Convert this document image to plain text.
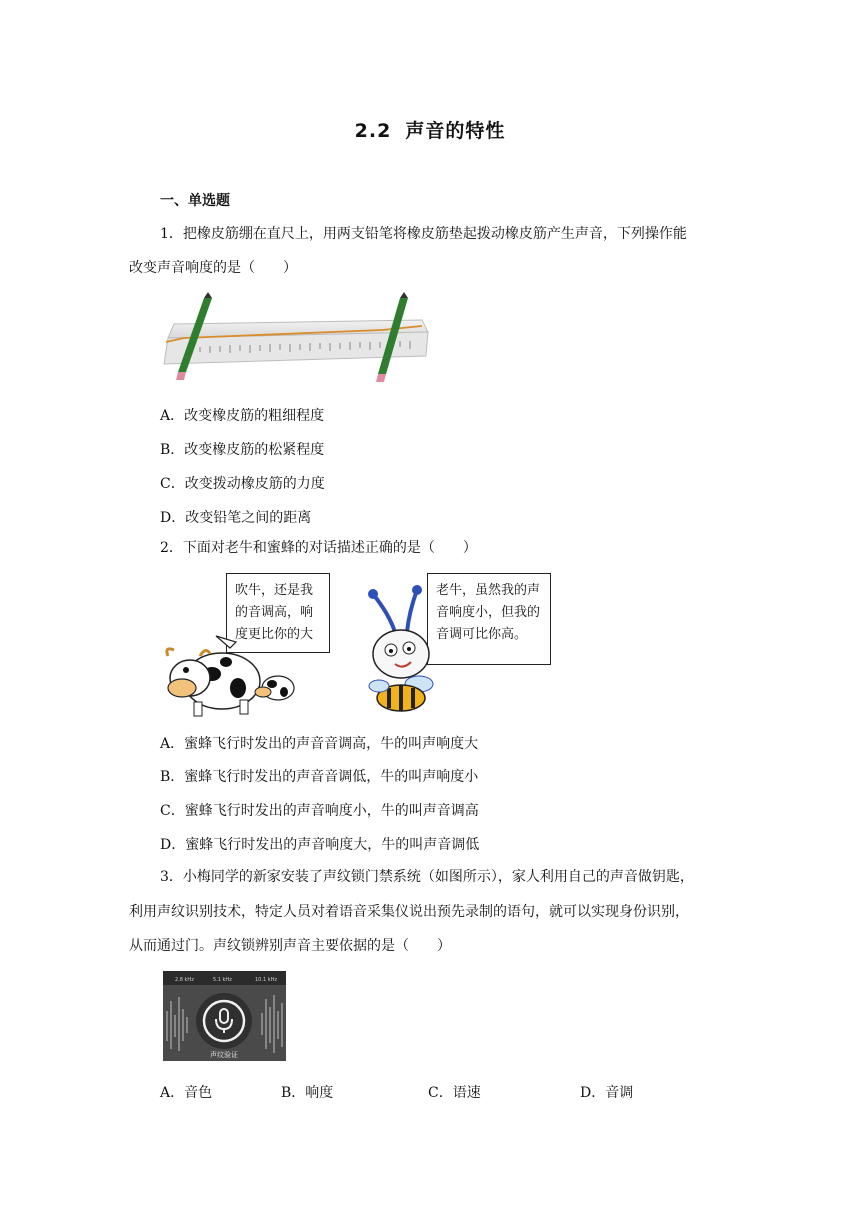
2.2 声音的特性
一、单选题
1．把橡皮筋绷在直尺上，用两支铅笔将橡皮筋垫起拨动橡皮筋产生声音，下列操作能
改变声音响度的是（　　）
A．改变橡皮筋的粗细程度
B．改变橡皮筋的松紧程度
C．改变拨动橡皮筋的力度
D．改变铅笔之间的距离
2．下面对老牛和蜜蜂的对话描述正确的是（　　）
吹牛，还是我
的音调高，响
度更比你的大
老牛，虽然我的声
音响度小，但我的
音调可比你高。
A．蜜蜂飞行时发出的声音音调高，牛的叫声响度大
B．蜜蜂飞行时发出的声音音调低，牛的叫声响度小
C．蜜蜂飞行时发出的声音响度小，牛的叫声音调高
D．蜜蜂飞行时发出的声音响度大，牛的叫声音调低
3．小梅同学的新家安装了声纹锁门禁系统（如图所示），家人利用自己的声音做钥匙，
利用声纹识别技术，特定人员对着语音采集仪说出预先录制的语句，就可以实现身份识别，
从而通过门。声纹锁辨别声音主要依据的是（　　）
2.8 kHz	5.1 kHz	10.1 kHz
声纹验证
A．音色	B．响度	C．语速	D．音调
